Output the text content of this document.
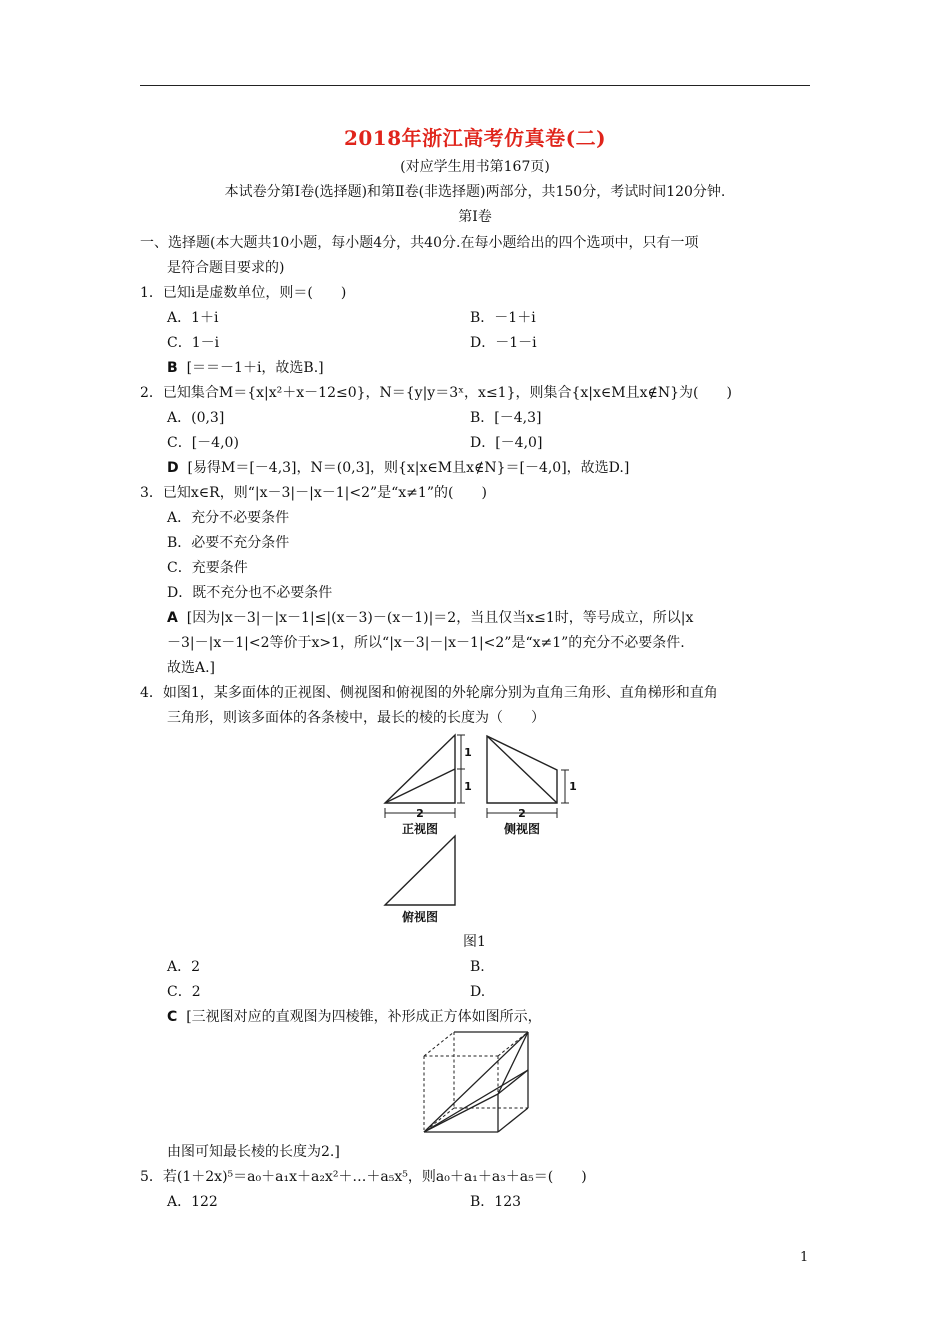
2018年浙江高考仿真卷(二)
(对应学生用书第167页)
本试卷分第Ⅰ卷(选择题)和第Ⅱ卷(非选择题)两部分，共150分，考试时间120分钟.
第Ⅰ卷
一、选择题(本大题共10小题，每小题4分，共40分.在每小题给出的四个选项中，只有一项
是符合题目要求的)
1．已知i是虚数单位，则＝(　　)
A．1＋i	B．－1＋i
C．1－i	D．－1－i
B [＝＝－1＋i，故选B.]
2．已知集合M＝{x|x²＋x－12≤0}，N＝{y|y＝3ˣ，x≤1}，则集合{x|x∈M且x∉N}为(　　)
A．(0,3]	B．[－4,3]
C．[－4,0)	D．[－4,0]
D [易得M＝[－4,3]，N＝(0,3]，则{x|x∈M且x∉N}＝[－4,0]，故选D.]
3．已知x∈R，则“|x－3|－|x－1|<2”是“x≠1”的(　　)
A．充分不必要条件
B．必要不充分条件
C．充要条件
D．既不充分也不必要条件
A [因为|x－3|－|x－1|≤|(x－3)－(x－1)|＝2，当且仅当x≤1时，等号成立，所以|x
－3|－|x－1|<2等价于x>1，所以“|x－3|－|x－1|<2”是“x≠1”的充分不必要条件.
故选A.]
4．如图1，某多面体的正视图、侧视图和俯视图的外轮廓分别为直角三角形、直角梯形和直角
三角形，则该多面体的各条棱中，最长的棱的长度为（　　）
1
1	1
2	2
正视图	侧视图
俯视图
图1
A．2	B.
C．2	D.
C [三视图对应的直观图为四棱锥，补形成正方体如图所示，
由图可知最长棱的长度为2.]
5．若(1＋2x)⁵＝a₀＋a₁x＋a₂x²＋…＋a₅x⁵，则a₀＋a₁＋a₃＋a₅＝(　　)
A．122	B．123
1
